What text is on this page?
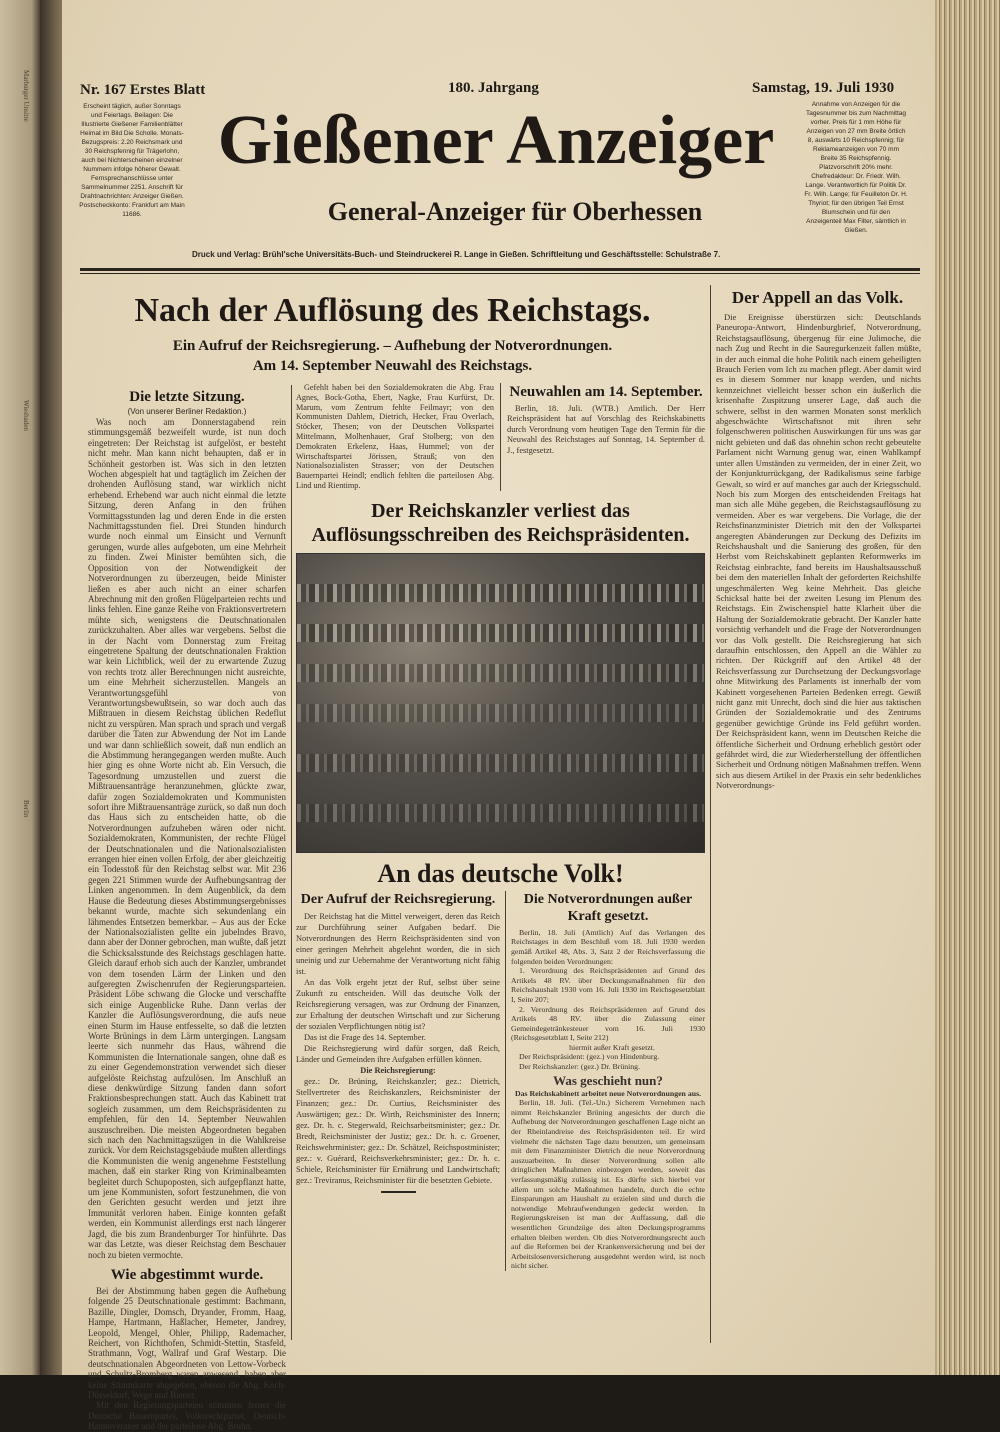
Marburger Unsitte

Wiesbaden

Berlin

Nr. 167 Erstes Blatt	180. Jahrgang	Samstag, 19. Juli 1930
Erscheint täglich, außer Sonntags und Feiertags. Beilagen: Die Illustrierte Gießener Familienblätter Heimat im Bild Die Scholle. Monats-Bezugspreis: 2.20 Reichsmark und 30 Reichspfennig für Trägerlohn, auch bei Nichterscheinen einzelner Nummern infolge höherer Gewalt. Fernsprechanschlüsse unter Sammelnummer 2251. Anschrift für Drahtnachrichten: Anzeiger Gießen. Postscheckkonto: Frankfurt am Main 11686.
Annahme von Anzeigen für die Tagesnummer bis zum Nachmittag vorher. Preis für 1 mm Höhe für Anzeigen von 27 mm Breite örtlich 8, auswärts 10 Reichspfennig; für Reklameanzeigen von 70 mm Breite 35 Reichspfennig. Platzvorschrift 20% mehr. Chefredakteur: Dr. Friedr. Wilh. Lange. Verantwortlich für Politik Dr. Fr. Wilh. Lange; für Feuilleton Dr. H. Thyriot; für den übrigen Teil Ernst Blumschein und für den Anzeigenteil Max Filter, sämtlich in Gießen.
Gießener Anzeiger
General-Anzeiger für Oberhessen
Druck und Verlag: Brühl'sche Universitäts-Buch- und Steindruckerei R. Lange in Gießen. Schriftleitung und Geschäftsstelle: Schulstraße 7.
Nach der Auflösung des Reichstags.
Ein Aufruf der Reichsregierung. – Aufhebung der Notverordnungen.
Am 14. September Neuwahl des Reichstags.
Die letzte Sitzung.
(Von unserer Berliner Redaktion.)

Was noch am Donnerstagabend rein stimmungsgemäß bezweifelt wurde, ist nun doch eingetreten: Der Reichstag ist aufgelöst, er besteht nicht mehr. Man kann nicht behaupten, daß er in Schönheit gestorben ist. Was sich in den letzten Wochen abgespielt hat und tagtäglich im Zeichen der drohenden Auflösung stand, war wirklich nicht erhebend. Erhebend war auch nicht einmal die letzte Sitzung, deren Anfang in den frühen Vormittagsstunden lag und deren Ende in die ersten Nachmittagsstunden fiel. Drei Stunden hindurch wurde noch einmal um Einsicht und Vernunft gerungen, wurde alles aufgeboten, um eine Mehrheit zu finden. Zwei Minister bemühten sich, die Opposition von der Notwendigkeit der Notverordnungen zu überzeugen, beide Minister ließen es aber auch nicht an einer scharfen Abrechnung mit den großen Flügelparteien rechts und links fehlen. Eine ganze Reihe von Fraktionsvertretern mühte sich, wenigstens die Deutschnationalen zurückzuhalten. Aber alles war vergebens. Selbst die in der Nacht vom Donnerstag zum Freitag eingetretene Spaltung der deutschnationalen Fraktion war kein Lichtblick, weil der zu erwartende Zuzug von rechts trotz aller Berechnungen nicht ausreichte, um eine Mehrheit sicherzustellen. Mangels an Verantwortungsgefühl von Verantwortungsbewußtsein, so war doch auch das Mißtrauen in diesem Reichstag üblichen Redeflut nicht zu verspüren. Man sprach und sprach und vergaß darüber die Taten zur Abwendung der Not im Lande und war dann schließlich soweit, daß nun endlich an die Abstimmung herangegangen werden mußte. Auch hier ging es ohne Worte nicht ab. Ein Versuch, die Tagesordnung umzustellen und zuerst die Mißtrauensanträge heranzunehmen, glückte zwar, dafür zogen Sozialdemokraten und Kommunisten sofort ihre Mißtrauensanträge zurück, so daß nun doch das Haus sich zu entscheiden hatte, ob die Notverordnungen aufzuheben wären oder nicht. Sozialdemokraten, Kommunisten, der rechte Flügel der Deutschnationalen und die Nationalsozialisten errangen hier einen vollen Erfolg, der aber gleichzeitig ein Todesstoß für den Reichstag selbst war. Mit 236 gegen 221 Stimmen wurde der Aufhebungsantrag der Linken angenommen. In dem Augenblick, da dem Hause die Bedeutung dieses Abstimmungsergebnisses bekannt wurde, machte sich sekundenlang ein lähmendes Entsetzen bemerkbar. – Aus aus der Ecke der Nationalsozialisten gellte ein jubelndes Bravo, dann aber der Donner gebrochen, man wußte, daß jetzt die Schicksalsstunde des Reichstags geschlagen hatte. Gleich darauf erhob sich auch der Kanzler, umbrandet von dem tosenden Lärm der Linken und den aufgeregten Zwischenrufen der Regierungsparteien. Präsident Löbe schwang die Glocke und verschaffte sich einige Augenblicke Ruhe. Dann verlas der Kanzler die Auflösungsverordnung, die aufs neue einen Sturm im Hause entfesselte, so daß die letzten Worte Brünings in dem Lärm untergingen. Langsam leerte sich nunmehr das Haus, während die Kommunisten die Internationale sangen, ohne daß es zu einer Gegendemonstration verwendet sich dieser aufgelöste Reichstag aufzulösen. Im Anschluß an diese denkwürdige Sitzung fanden dann sofort Fraktionsbesprechungen statt. Auch das Kabinett trat sogleich zusammen, um dem Reichspräsidenten zu empfehlen, für den 14. September Neuwahlen auszuschreiben. Die meisten Abgeordneten begaben sich nach den Nachmittagszügen in die Wahlkreise zurück. Vor dem Reichstagsgebäude mußten allerdings die Kommunisten die wenig angenehme Feststellung machen, daß ein starker Ring von Kriminalbeamten begleitet durch Schupoposten, sich aufgepflanzt hatte, um jene Kommunisten, sofort festzunehmen, die von den Gerichten gesucht werden und jetzt ihre Immunität verloren haben. Einige konnten gefaßt werden, ein Kommunist allerdings erst nach längerer Jagd, die bis zum Brandenburger Tor hinführte. Das war das Letzte, was dieser Reichstag dem Beschauer noch zu bieten vermochte.

Wie abgestimmt wurde.

Bei der Abstimmung haben gegen die Aufhebung folgende 25 Deutschnationale gestimmt: Bachmann, Bazille, Dingler, Domsch, Dryander, Fromm, Haag, Hampe, Hartmann, Haßlacher, Hemeter, Jandrey, Leopold, Mengel, Ohler, Philipp, Rademacher, Reichert, von Richthofen, Schmidt-Stettin, Stasfeld, Strathmann, Vogt, Wallraf und Graf Westarp. Die deutschnationalen Abgeordneten von Lettow-Vorbeck und Schultz-Bromberg waren anwesend, haben aber keine Stimmkarte abgegeben, ebenso die Abg. Koch-Düsseldorf, Wege und Biener.

Mit den Regierungsparteien stimmten ferner die Deutsche Bauernpartei, Volksrechtpartei, Deutsch-Hannoveraner und der parteilose Abg. Bruhn.

Gefehlt haben bei den Sozialdemokraten die Abg. Frau Agnes, Bock-Gotha, Ebert, Nagke, Frau Kurfürst, Dr. Marum, vom Zentrum fehlte Feilmayr; von den Kommunisten Dahlem, Dietrich, Hecker, Frau Overlach, Stöcker, Thesen; von der Deutschen Volkspartei Mittelmann, Molhenhauer, Graf Stolberg; von den Demokraten Erkelenz, Haas, Hummel; von der Wirtschaftspartei Jörissen, Strauß; von den Nationalsozialisten Strasser; von der Deutschen Bauernpartei Heindl; endlich fehlten die parteilosen Abg. Lind und Rientimp.

Neuwahlen am 14. September.

Berlin, 18. Juli. (WTB.) Amtlich. Der Herr Reichspräsident hat auf Vorschlag des Reichskabinetts durch Verordnung vom heutigen Tage den Termin für die Neuwahl des Reichstages auf Sonntag, 14. September d. J., festgesetzt.

Der Reichskanzler verliest das Auflösungsschreiben des Reichspräsidenten.
An das deutsche Volk!
Der Aufruf der Reichsregierung.

Der Reichstag hat die Mittel verweigert, deren das Reich zur Durchführung seiner Aufgaben bedarf. Die Notverordnungen des Herrn Reichspräsidenten sind von einer geringen Mehrheit abgelehnt worden, die in sich uneinig und zur Uebernahme der Verantwortung nicht fähig ist.

An das Volk ergeht jetzt der Ruf, selbst über seine Zukunft zu entscheiden. Will das deutsche Volk der Reichsregierung versagen, was zur Ordnung der Finanzen, zur Erhaltung der deutschen Wirtschaft und zur Sicherung der sozialen Verpflichtungen nötig ist?

Das ist die Frage des 14. September.

Die Reichsregierung wird dafür sorgen, daß Reich, Länder und Gemeinden ihre Aufgaben erfüllen können.

Die Reichsregierung:

gez.: Dr. Brüning, Reichskanzler; gez.: Dietrich, Stellvertreter des Reichskanzlers, Reichsminister der Finanzen; gez.: Dr. Curtius, Reichsminister des Auswärtigen; gez.: Dr. Wirth, Reichsminister des Innern; gez. Dr. h. c. Stegerwald, Reichsarbeitsminister; gez.: Dr. Bredt, Reichsminister der Justiz; gez.: Dr. h. c. Groener, Reichswehrminister; gez.: Dr. Schätzel, Reichspostminister; gez.: v. Guérard, Reichsverkehrsminister; gez.: Dr. h. c. Schiele, Reichsminister für Ernährung und Landwirtschaft; gez.: Treviranus, Reichsminister für die besetzten Gebiete.

Die Notverordnungen außer Kraft gesetzt.

Berlin, 18. Juli (Amtlich) Auf das Verlangen des Reichstages in dem Beschluß vom 18. Juli 1930 werden gemäß Artikel 48, Abs. 3, Satz 2 der Reichsverfassung die folgenden beiden Verordnungen:

1. Verordnung des Reichspräsidenten auf Grund des Artikels 48 RV. über Deckungsmaßnahmen für den Reichshaushalt 1930 vom 16. Juli 1930 im Reichsgesetzblatt I, Seite 207;

2. Verordnung des Reichspräsidenten auf Grund des Artikels 48 RV. über die Zulassung einer Gemeindegetränkesteuer vom 16. Juli 1930 (Reichsgesetzblatt I, Seite 212)

hiermit außer Kraft gesetzt.

Der Reichspräsident: (gez.) von Hindenburg.

Der Reichskanzler: (gez.) Dr. Brüning.

Was geschieht nun?

Das Reichskabinett arbeitet neue Notverordnungen aus.

Berlin, 18. Juli. (Tel.-Un.) Sicherem Vernehmen nach nimmt Reichskanzler Brüning angesichts der durch die Aufhebung der Notverordnungen geschaffenen Lage nicht an der Rheinlandreise des Reichspräsidenten teil. Er wird vielmehr die nächsten Tage dazu benutzen, um gemeinsam mit dem Finanzminister Dietrich die neue Notverordnung auszuarbeiten. In dieser Notverordnung sollen alle dringlichen Maßnahmen einbezogen werden, soweit das verfassungsmäßig zulässig ist. Es dürfte sich hierbei vor allem um solche Maßnahmen handeln, durch die echte Einsparungen am Haushalt zu erzielen sind und durch die notwendige Mehraufwendungen gedeckt werden. In Regierungskreisen ist man der Auffassung, daß die wesentlichen Grundzüge des alten Deckungsprogramms erhalten bleiben werden. Ob dies Notverordnungsrecht auch auf die Reformen bei der Krankenversicherung und bei der Arbeitslosenversicherung ausgedehnt werden wird, ist noch nicht sicher.

Der Appell an das Volk.

Die Ereignisse überstürzen sich: Deutschlands Paneuropa-Antwort, Hindenburgbrief, Notverordnung, Reichstagsauflösung, übergenug für eine Julimoche, die nach Zug und Recht in die Sauregurkenzeit fallen müßte, in der auch einmal die hohe Politik nach einem geheiligten Brauch Ferien vom Ich zu machen pflegt. Aber damit wird es in diesem Sommer nur knapp werden, und nichts kennzeichnet vielleicht besser schon ein äußerlich die krisenhafte Zuspitzung unserer Lage, daß auch die schwere, selbst in den warmen Monaten sonst merklich abgeschwächte Wirtschaftsnot mit ihren sehr folgenschweren politischen Auswirkungen für uns was gar nicht gebieten und daß das ohnehin schon recht gebeutelte Parlament nicht Warnung genug war, einen Wahlkampf unter allen Umständen zu vermeiden, der in einer Zeit, wo der Konjunkturrückgang, der Radikalismus seine farbige Gewalt, so wird er auf manches gar auch der Kriegsschuld. Noch bis zum Morgen des entscheidenden Freitags hat man sich alle Mühe gegeben, die Reichstagsauflösung zu vermeiden. Aber es war vergebens. Die Vorlage, die der Reichsfinanzminister Dietrich mit den der Volkspartei angeregten Abänderungen zur Deckung des Defizits im Reichshaushalt und die Sanierung des großen, für den Herbst vom Reichskabinett geplanten Reformwerks im Reichstag einbrachte, fand bereits im Haushaltsausschuß bei dem den materiellen Inhalt der geforderten Reichshilfe ungeschmälerten Weg keine Mehrheit. Das gleiche Schicksal hatte bei der zweiten Lesung im Plenum des Reichstags. Ein Zwischenspiel hatte Klarheit über die Haltung der Sozialdemokratie gebracht. Der Kanzler hatte vorsichtig verhandelt und die Frage der Notverordnungen vor das Volk gestellt. Die Reichsregierung hat sich daraufhin entschlossen, den Appell an die Wähler zu richten. Der Rückgriff auf den Artikel 48 der Reichsverfassung zur Durchsetzung der Deckungsvorlage ohne Mitwirkung des Parlaments ist innerhalb der vom Kabinett vorgesehenen Parteien Bedenken erregt. Gewiß nicht ganz mit Unrecht, doch sind die hier aus taktischen Gründen der Sozialdemokratie und des Zentrums gegenüber gewichtige Gründe ins Feld geführt worden. Der Reichspräsident kann, wenn im Deutschen Reiche die öffentliche Sicherheit und Ordnung erheblich gestört oder gefährdet wird, die zur Wiederherstellung der öffentlichen Sicherheit und Ordnung nötigen Maßnahmen treffen. Wenn sich aus diesem Artikel in der Praxis ein sehr bedenkliches Notverordnungs-
